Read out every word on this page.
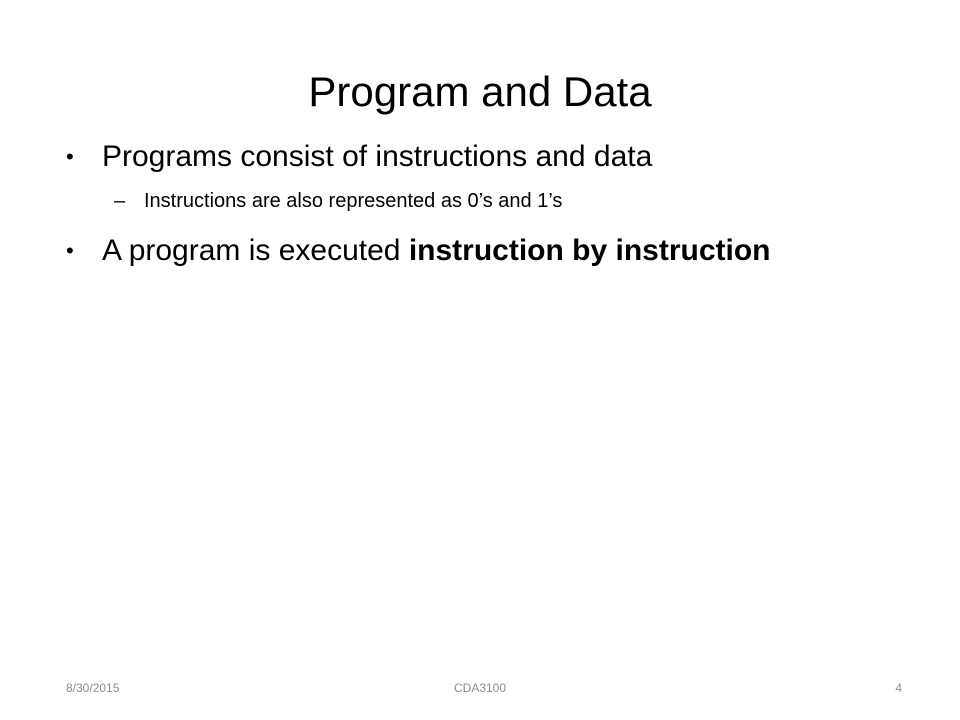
Program and Data
• Programs consist of instructions and data
– Instructions are also represented as 0’s and 1’s
• A program is executed instruction by instruction
8/30/2015	CDA3100	4
